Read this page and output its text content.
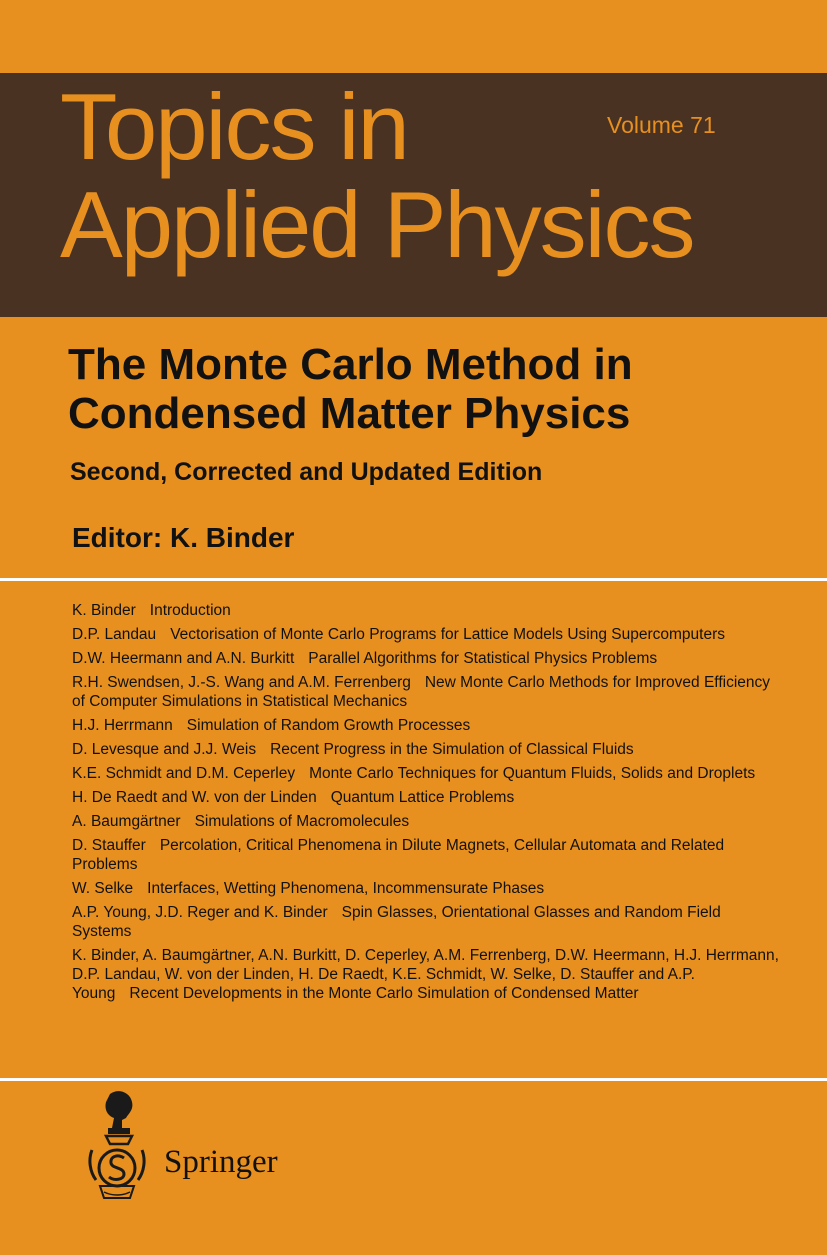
Topics in
Applied Physics
Volume 71
The Monte Carlo Method in
Condensed Matter Physics
Second, Corrected and Updated Edition
Editor: K. Binder
K. Binder Introduction
D.P. Landau Vectorisation of Monte Carlo Programs for Lattice Models Using Supercomputers
D.W. Heermann and A.N. Burkitt Parallel Algorithms for Statistical Physics Problems
R.H. Swendsen, J.-S. Wang and A.M. Ferrenberg New Monte Carlo Methods for Improved Efficiency of Computer Simulations in Statistical Mechanics
H.J. Herrmann Simulation of Random Growth Processes
D. Levesque and J.J. Weis Recent Progress in the Simulation of Classical Fluids
K.E. Schmidt and D.M. Ceperley Monte Carlo Techniques for Quantum Fluids, Solids and Droplets
H. De Raedt and W. von der Linden Quantum Lattice Problems
A. Baumgärtner Simulations of Macromolecules
D. Stauffer Percolation, Critical Phenomena in Dilute Magnets, Cellular Automata and Related Problems
W. Selke Interfaces, Wetting Phenomena, Incommensurate Phases
A.P. Young, J.D. Reger and K. Binder Spin Glasses, Orientational Glasses and Random Field Systems
K. Binder, A. Baumgärtner, A.N. Burkitt, D. Ceperley, A.M. Ferrenberg, D.W. Heermann, H.J. Herrmann, D.P. Landau, W. von der Linden, H. De Raedt, K.E. Schmidt, W. Selke, D. Stauffer and A.P. Young Recent Developments in the Monte Carlo Simulation of Condensed Matter
Springer
